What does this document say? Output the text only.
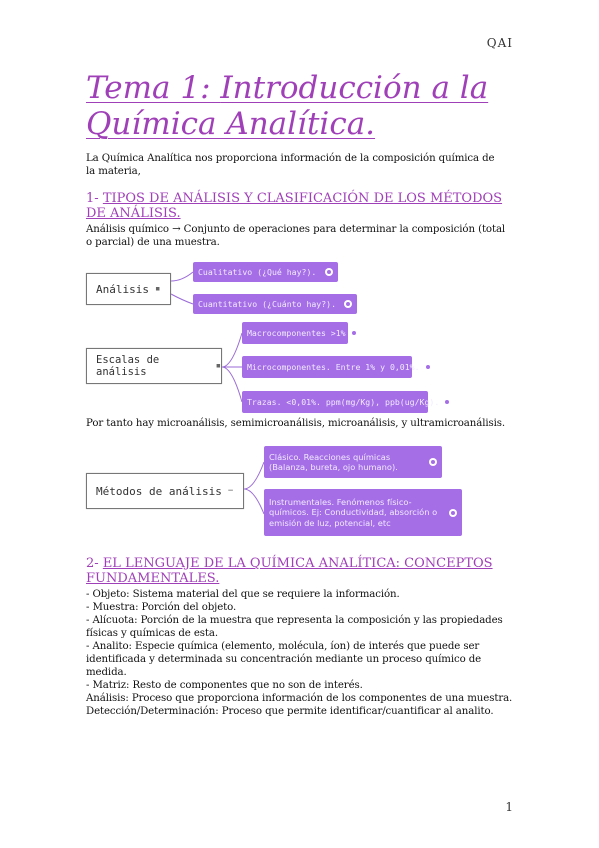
QAI
Tema 1: Introducción a la Química Analítica.
La Química Analítica nos proporciona información de la composición química de la materia,
1- TIPOS DE ANÁLISIS Y CLASIFICACIÓN DE LOS MÉTODOS DE ANÁLISIS.
Análisis químico → Conjunto de operaciones para determinar la composición (total o parcial) de una muestra.
Análisis ▪
Cualitativo (¿Qué hay?).
Cuantitativo (¿Cuánto hay?).
Escalas de análisis	▪
Macrocomponentes >1%
Microcomponentes. Entre 1% y 0,01%.
Trazas. <0,01%. ppm(mg/Kg), ppb(ug/Kg).
Por tanto hay microanálisis, semimicroanálisis, microanálisis, y ultramicroanálisis.
Métodos de análisis −
Clásico. Reacciones químicas (Balanza, bureta, ojo humano).
Instrumentales. Fenómenos físico-químicos. Ej: Conductividad, absorción o emisión de luz, potencial, etc
2- EL LENGUAJE DE LA QUÍMICA ANALÍTICA: CONCEPTOS FUNDAMENTALES.
- Objeto: Sistema material del que se requiere la información.
- Muestra: Porción del objeto.
- Alícuota: Porción de la muestra que representa la composición y las propiedades físicas y químicas de esta.
- Analito: Especie química (elemento, molécula, íon) de interés que puede ser identificada y determinada su concentración mediante un proceso químico de medida.
- Matriz: Resto de componentes que no son de interés.
Análisis: Proceso que proporciona información de los componentes de una muestra.
Detección/Determinación: Proceso que permite identificar/cuantificar al analito.
1
